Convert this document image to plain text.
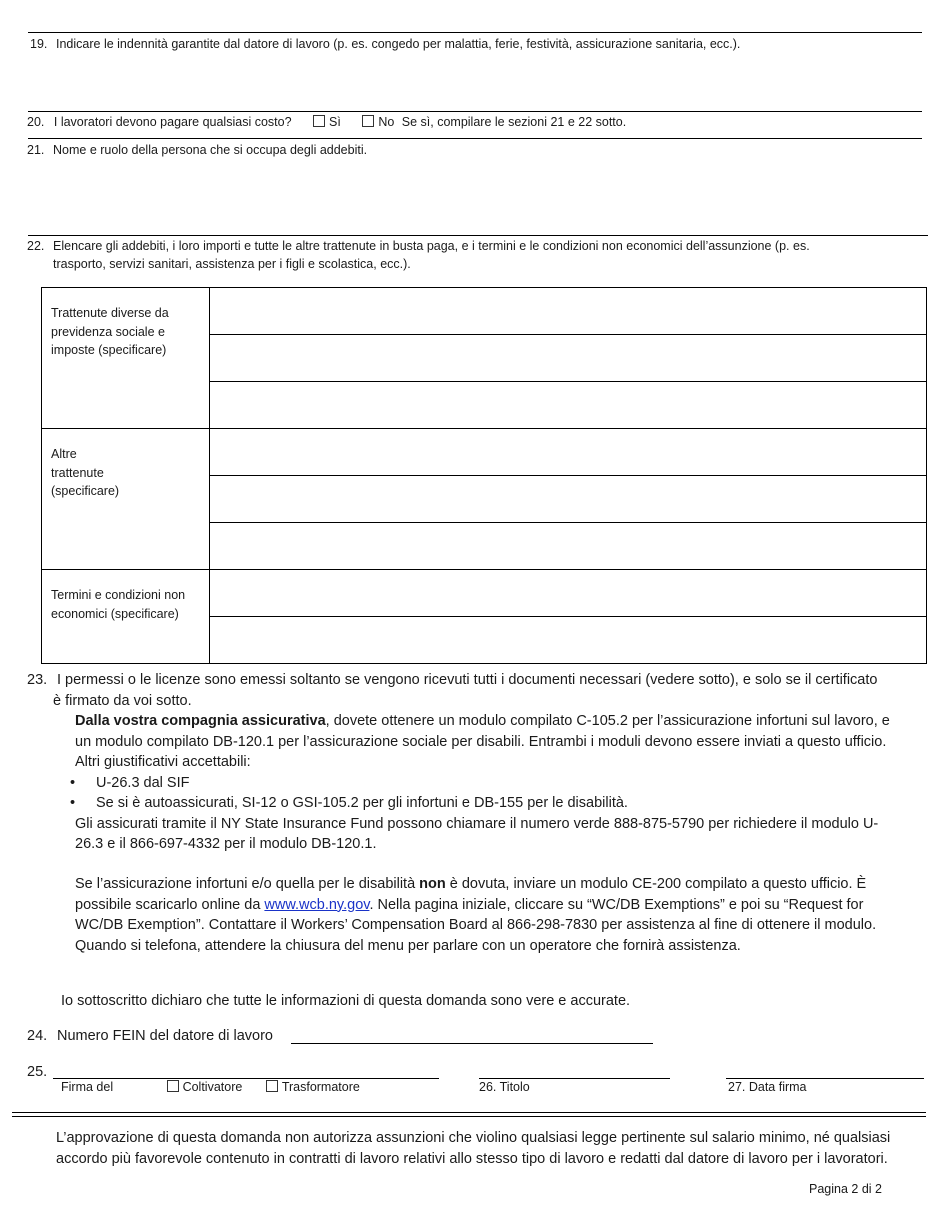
19. Indicare le indennità garantite dal datore di lavoro (p. es. congedo per malattia, ferie, festività, assicurazione sanitaria, ecc.).
20. I lavoratori devono pagare qualsiasi costo?	Sì	No Se sì, compilare le sezioni 21 e 22 sotto.
21. Nome e ruolo della persona che si occupa degli addebiti.
22. Elencare gli addebiti, i loro importi e tutte le altre trattenute in busta paga, e i termini e le condizioni non economici dell’assunzione (p. es.
trasporto, servizi sanitari, assistenza per i figli e scolastica, ecc.).
Trattenute diverse da previdenza sociale e imposte (specificare)	

Altre trattenute (specificare)	

Termini e condizioni non economici (specificare)	

23. I permessi o le licenze sono emessi soltanto se vengono ricevuti tutti i documenti necessari (vedere sotto), e solo se il certificato è firmato da voi sotto.
Dalla vostra compagnia assicurativa, dovete ottenere un modulo compilato C-105.2 per l’assicurazione infortuni sul lavoro, e un modulo compilato DB-120.1 per l’assicurazione sociale per disabili. Entrambi i moduli devono essere inviati a questo ufficio. Altri giustificativi accettabili:
• U-26.3 dal SIF
• Se si è autoassicurati, SI-12 o GSI-105.2 per gli infortuni e DB-155 per le disabilità.
Gli assicurati tramite il NY State Insurance Fund possono chiamare il numero verde 888-875-5790 per richiedere il modulo U-26.3 e il 866-697-4332 per il modulo DB-120.1.
Se l’assicurazione infortuni e/o quella per le disabilità non è dovuta, inviare un modulo CE-200 compilato a questo ufficio. È possibile scaricarlo online da www.wcb.ny.gov. Nella pagina iniziale, cliccare su “WC/DB Exemptions” e poi su “Request for WC/DB Exemption”. Contattare il Workers’ Compensation Board al 866-298-7830 per assistenza al fine di ottenere il modulo. Quando si telefona, attendere la chiusura del menu per parlare con un operatore che fornirà assistenza.
Io sottoscritto dichiaro che tutte le informazioni di questa domanda sono vere e accurate.
24. Numero FEIN del datore di lavoro
25.
Firma del	Coltivatore	Trasformatore	26. Titolo	27. Data firma
L’approvazione di questa domanda non autorizza assunzioni che violino qualsiasi legge pertinente sul salario minimo, né qualsiasi accordo più favorevole contenuto in contratti di lavoro relativi allo stesso tipo di lavoro e redatti dal datore di lavoro per i lavoratori.
Pagina 2 di 2
